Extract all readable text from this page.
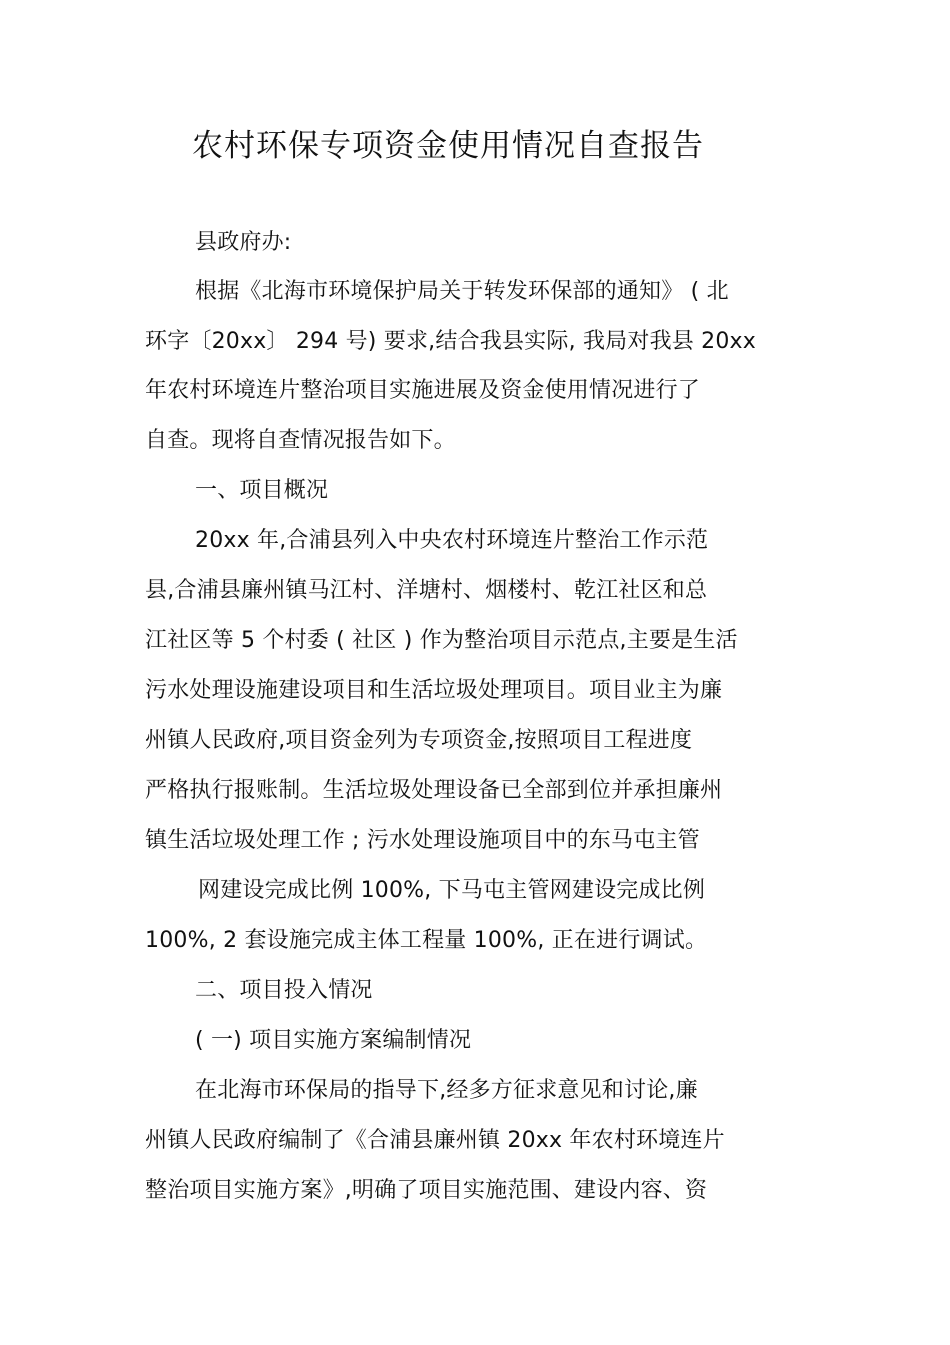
农村环保专项资金使用情况自查报告
县政府办:
根据《北海市环境保护局关于转发环保部的通知》 ( 北
环字〔20xx〕 294 号) 要求,结合我县实际, 我局对我县 20xx
年农村环境连片整治项目实施进展及资金使用情况进行了
自查。现将自查情况报告如下。
一、项目概况
20xx 年,合浦县列入中央农村环境连片整治工作示范
县,合浦县廉州镇马江村、洋塘村、烟楼村、乾江社区和总
江社区等 5 个村委 ( 社区 ) 作为整治项目示范点,主要是生活
污水处理设施建设项目和生活垃圾处理项目。项目业主为廉
州镇人民政府,项目资金列为专项资金,按照项目工程进度
严格执行报账制。生活垃圾处理设备已全部到位并承担廉州
镇生活垃圾处理工作 ; 污水处理设施项目中的东马屯主管
网建设完成比例 100%, 下马屯主管网建设完成比例
100%, 2 套设施完成主体工程量 100%, 正在进行调试。
二、项目投入情况
( 一) 项目实施方案编制情况
在北海市环保局的指导下,经多方征求意见和讨论,廉
州镇人民政府编制了《合浦县廉州镇 20xx 年农村环境连片
整治项目实施方案》,明确了项目实施范围、建设内容、资
